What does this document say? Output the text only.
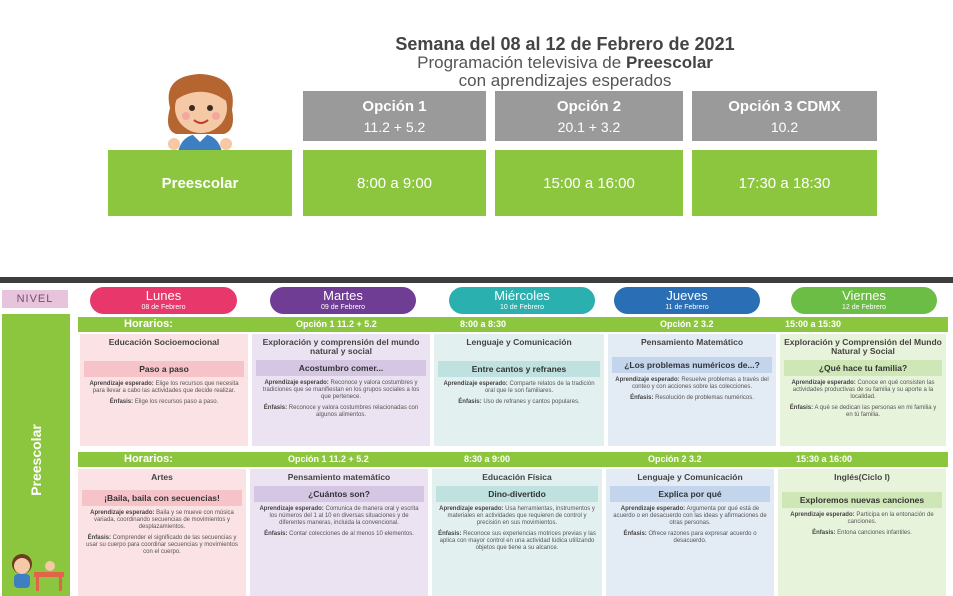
Semana del 08 al 12 de Febrero de 2021
Programación televisiva de Preescolar
con aprendizajes esperados
Opción 1
11.2 + 5.2
Opción 2
20.1 + 3.2
Opción 3 CDMX
10.2
Preescolar	8:00 a 9:00	15:00 a 16:00	17:30 a 18:30
NIVEL
Preescolar
Lunes
08 de Febrero
Martes
09 de Febrero
Miércoles
10 de Febrero
Jueves
11 de Febrero
Viernes
12 de Febrero
Horarios:	Opción 1 11.2 + 5.2	8:00 a 8:30	Opción 2 3.2	15:00 a 15:30
Educación Socioemocional
Paso a paso
Aprendizaje esperado: Elige los recursos que necesita para llevar a cabo las actividades que decide realizar.
Énfasis: Elige los recursos paso a paso.
Exploración y comprensión del mundo natural y social
Acostumbro comer...
Aprendizaje esperado: Reconoce y valora costumbres y tradiciones que se manifiestan en los grupos sociales a los que pertenece.
Énfasis: Reconoce y valora costumbres relacionadas con algunos alimentos.
Lenguaje y Comunicación
Entre cantos y refranes
Aprendizaje esperado: Comparte relatos de la tradición oral que le son familiares.
Énfasis: Uso de refranes y cantos populares.
Pensamiento Matemático
¿Los problemas numéricos de...?
Aprendizaje esperado: Resuelve problemas a través del conteo y con acciones sobre las colecciones.
Énfasis: Resolución de problemas numéricos.
Exploración y Comprensión del Mundo Natural y Social
¿Qué hace tu familia?
Aprendizaje esperado: Conoce en qué consisten las actividades productivas de su familia y su aporte a la localidad.
Énfasis: A qué se dedican las personas en mi familia y en tú familia.
Horarios:	Opción 1 11.2 + 5.2	8:30 a 9:00	Opción 2 3.2	15:30 a 16:00
Artes
¡Baila, baila con secuencias!
Aprendizaje esperado: Baila y se mueve con música variada, coordinando secuencias de movimientos y desplazamientos.
Énfasis: Comprender el significado de las secuencias y usar su cuerpo para coordinar secuencias y movimientos con el cuerpo.
Pensamiento matemático
¿Cuántos son?
Aprendizaje esperado: Comunica de manera oral y escrita los números del 1 al 10 en diversas situaciones y de diferentes maneras, incluida la convencional.
Énfasis: Contar colecciones de al menos 10 elementos.
Educación Física
Dino-divertido
Aprendizaje esperado: Usa herramientas, instrumentos y materiales en actividades que requieren de control y precisión en sus movimientos.
Énfasis: Reconoce sus experiencias motrices previas y las aplica con mayor control en una actividad lúdica utilizando objetos que tiene a su alcance.
Lenguaje y Comunicación
Explica por qué
Aprendizaje esperado: Argumenta por qué está de acuerdo o en desacuerdo con las ideas y afirmaciones de otras personas.
Énfasis: Ofrece razones para expresar acuerdo o desacuerdo.
Inglés(Ciclo I)
Exploremos nuevas canciones
Aprendizaje esperado: Participa en la entonación de canciones.
Énfasis: Entona canciones infantiles.
